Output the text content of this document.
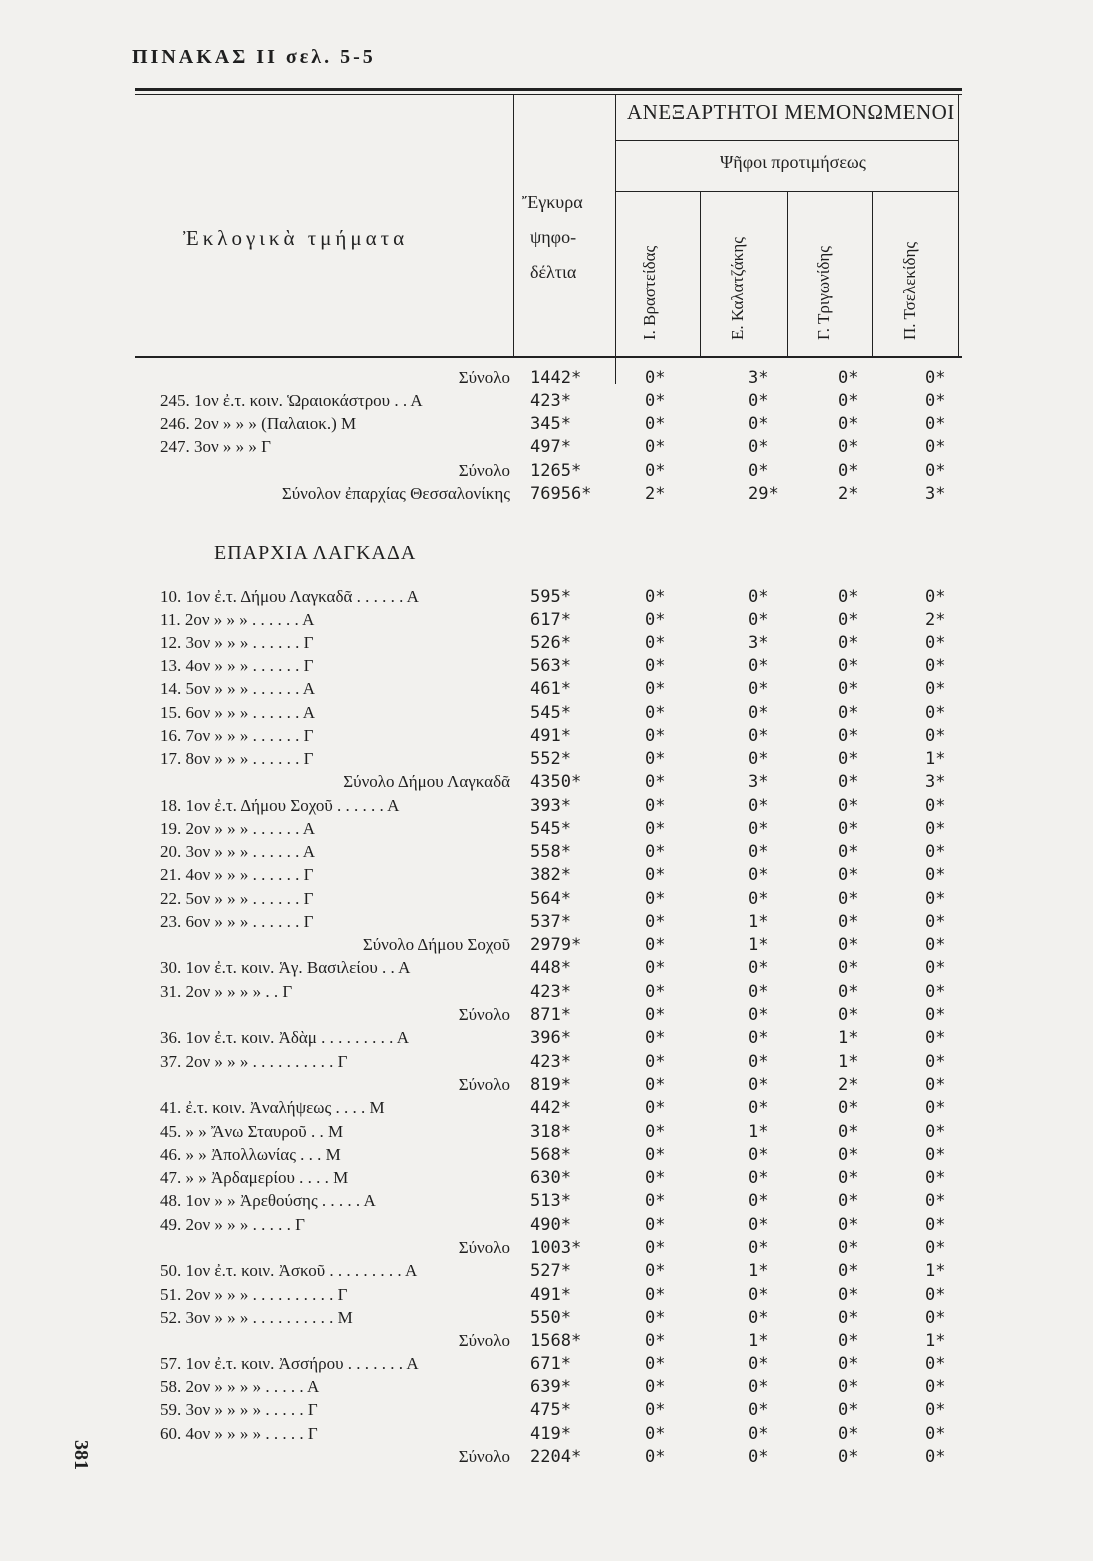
ΠΙΝΑΚΑΣ ΙΙ σελ. 5-5
381
ΑΝΕΞΑΡΤΗΤΟΙ ΜΕΜΟΝΩΜΕΝΟΙ
Ψῆφοι προτιμήσεως
Ἐκλογικὰ τμήματα
Ἔγκυρα
ψηφο-
δέλτια	Ι. Βραστείδας	Ε. Καλατζάκης	Γ. Τριγωνίδης	Π. Τσελεκίδης
ΕΠΑΡΧΙΑ ΛΑΓΚΑΔΑ
Σύνολο 1442*	0*	3*	0*	0*
245. 1ον ἐ.τ. κοιν. Ὡραιοκάστρου . . Α	423*	0*	0*	0*	0*
246. 2ον » » » (Παλαιοκ.) Μ	345*	0*	0*	0*	0*
247. 3ον » » » Γ	497*	0*	0*	0*	0*
Σύνολο 1265*	0*	0*	0*	0*
Σύνολον ἐπαρχίας Θεσσαλονίκης 76956*	2*	29*	2*	3*
10. 1ον ἐ.τ. Δήμου Λαγκαδᾶ . . . . . . Α	595*	0*	0*	0*	0*
11. 2ον » » » . . . . . . Α	617*	0*	0*	0*	2*
12. 3ον » » » . . . . . . Γ	526*	0*	3*	0*	0*
13. 4ον » » » . . . . . . Γ	563*	0*	0*	0*	0*
14. 5ον » » » . . . . . . Α	461*	0*	0*	0*	0*
15. 6ον » » » . . . . . . Α	545*	0*	0*	0*	0*
16. 7ον » » » . . . . . . Γ	491*	0*	0*	0*	0*
17. 8ον » » » . . . . . . Γ	552*	0*	0*	0*	1*
Σύνολο Δήμου Λαγκαδᾶ 4350*	0*	3*	0*	3*
18. 1ον ἐ.τ. Δήμου Σοχοῦ . . . . . . Α	393*	0*	0*	0*	0*
19. 2ον » » » . . . . . . Α	545*	0*	0*	0*	0*
20. 3ον » » » . . . . . . Α	558*	0*	0*	0*	0*
21. 4ον » » » . . . . . . Γ	382*	0*	0*	0*	0*
22. 5ον » » » . . . . . . Γ	564*	0*	0*	0*	0*
23. 6ον » » » . . . . . . Γ	537*	0*	1*	0*	0*
Σύνολο Δήμου Σοχοῦ 2979*	0*	1*	0*	0*
30. 1ον ἐ.τ. κοιν. Ἁγ. Βασιλείου . . Α	448*	0*	0*	0*	0*
31. 2ον » » » » . . Γ	423*	0*	0*	0*	0*
Σύνολο 871*	0*	0*	0*	0*
36. 1ον ἐ.τ. κοιν. Ἀδὰμ . . . . . . . . . Α	396*	0*	0*	1*	0*
37. 2ον » » » . . . . . . . . . . Γ	423*	0*	0*	1*	0*
Σύνολο 819*	0*	0*	2*	0*
41. ἐ.τ. κοιν. Ἀναλήψεως . . . . Μ	442*	0*	0*	0*	0*
45. » » Ἄνω Σταυροῦ . . Μ	318*	0*	1*	0*	0*
46. » » Ἀπολλωνίας . . . Μ	568*	0*	0*	0*	0*
47. » » Ἀρδαμερίου . . . . Μ	630*	0*	0*	0*	0*
48. 1ον » » Ἀρεθούσης . . . . . Α	513*	0*	0*	0*	0*
49. 2ον » » » . . . . . Γ	490*	0*	0*	0*	0*
Σύνολο 1003*	0*	0*	0*	0*
50. 1ον ἐ.τ. κοιν. Ἀσκοῦ . . . . . . . . . Α	527*	0*	1*	0*	1*
51. 2ον » » » . . . . . . . . . . Γ	491*	0*	0*	0*	0*
52. 3ον » » » . . . . . . . . . . Μ	550*	0*	0*	0*	0*
Σύνολο 1568*	0*	1*	0*	1*
57. 1ον ἐ.τ. κοιν. Ἀσσήρου . . . . . . . Α	671*	0*	0*	0*	0*
58. 2ον » » » » . . . . . Α	639*	0*	0*	0*	0*
59. 3ον » » » » . . . . . Γ	475*	0*	0*	0*	0*
60. 4ον » » » » . . . . . Γ	419*	0*	0*	0*	0*
Σύνολο 2204*	0*	0*	0*	0*
